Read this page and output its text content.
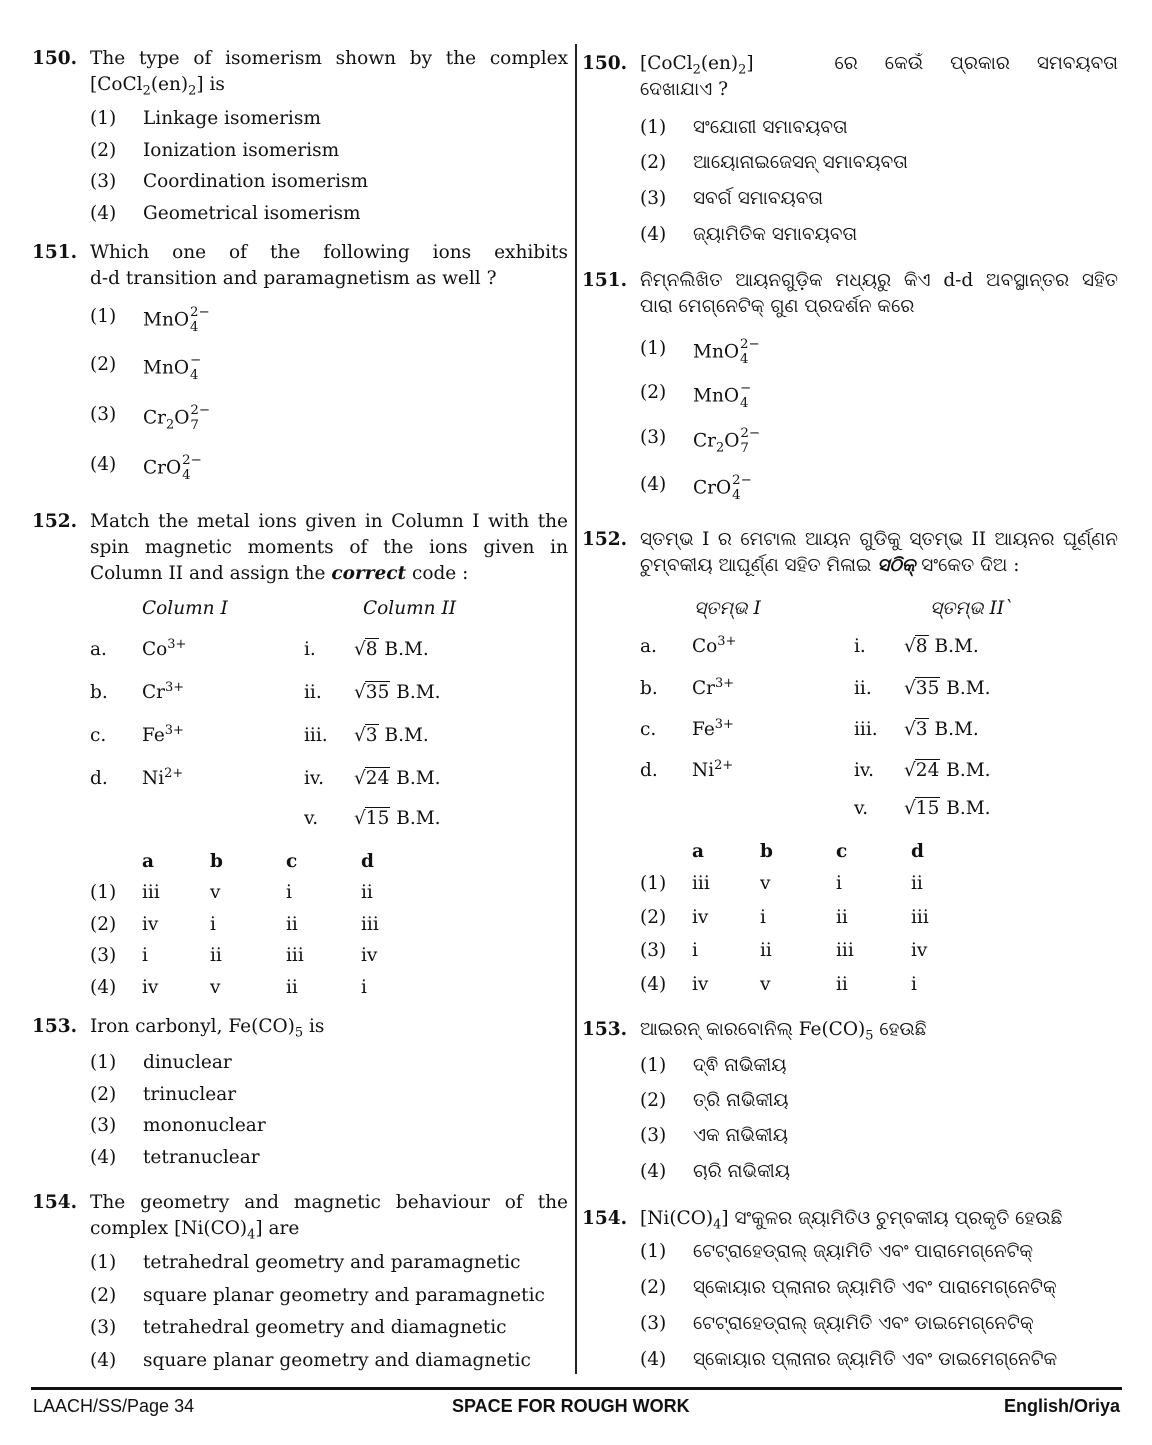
150. The type of isomerism shown by the complex
$[CoCl_2(en)_2]$ is
(1)	Linkage isomerism
(2)	Ionization isomerism
(3)	Coordination isomerism
(4)	Geometrical isomerism
151. Which one of the following ions exhibits
d-d transition and paramagnetism as well ?
(1)	MnO 2−
4
(2)	MnO −
4
(3)	$Cr_2O$ 2−
7
(4)	CrO 2−
4
152. Match the metal ions given in Column I with the
spin magnetic moments of the ions given in
Column II and assign the correct code :
Column I	Column II
a. $Co^{3+}$	i. √8 B.M.
b. $Cr^{3+}$	ii. √35 B.M.
c. $Fe^{3+}$	iii. √3 B.M.
d. $Ni^{2+}$	iv. √24 B.M.
v. √15 B.M.
a	b	c	d
(1) iii	v	i	ii
(2) iv	i	ii	iii
(3) i	ii	iii	iv
(4) iv	v	ii	i
153. Iron carbonyl, $Fe(CO)_5$ is
(1)	dinuclear
(2)	trinuclear
(3)	mononuclear
(4)	tetranuclear
154. The geometry and magnetic behaviour of the
complex $[Ni(CO)_4]$ are
(1)	tetrahedral geometry and paramagnetic
(2)	square planar geometry and paramagnetic
(3)	tetrahedral geometry and diamagnetic
(4)	square planar geometry and diamagnetic
150. $[CoCl_2(en)_2]$   ରେ କେଉଁ ପ୍ରକାର ସମବୟବତା
ଦେଖାଯାଏ ?
(1)	ସଂଯୋଗୀ ସମାବୟବତା
(2)	ଆୟୋନାଇଜେସନ୍ ସମାବୟବତା
(3)	ସବର୍ଗ ସମାବୟବତା
(4)	ଜ୍ୟାମିତିକ ସମାବୟବତା
151. ନିମ୍ନଲିଖିତ ଆୟନଗୁଡ଼ିକ ମଧ୍ୟରୁ କିଏ d-d ଅବସ୍ଥାନ୍ତର ସହିତ
ପାରା ମେଗ୍ନେଟିକ୍ ଗୁଣ ପ୍ରଦର୍ଶନ କରେ
(1)	MnO 2−
4
(2)	MnO −
4
(3)	$Cr_2O$ 2−
7
(4)	CrO 2−
4
152. ସ୍ତମ୍ଭ I ର ମେଟାଲ ଆୟନ ଗୁଡିକୁ ସ୍ତମ୍ଭ II ଆୟନର ଘୂର୍ଣ୍ଣନ
ଚୁମ୍ବକୀୟ ଆଘୂର୍ଣ୍ଣ ସହିତ ମିଳାଇ ସଠିକ୍ ସଂକେତ ଦିଅ :
ସ୍ତମ୍ଭ I	ସ୍ତମ୍ଭ II`
a. $Co^{3+}$	i. √8 B.M.
b. $Cr^{3+}$	ii. √35 B.M.
c. $Fe^{3+}$	iii. √3 B.M.
d. $Ni^{2+}$	iv. √24 B.M.
v. √15 B.M.
a	b	c	d
(1) iii	v	i	ii
(2) iv	i	ii	iii
(3) i	ii	iii	iv
(4) iv	v	ii	i
153. ଆଇରନ୍ କାରବୋନିଲ୍ $Fe(CO)_5$ ହେଉଛି
(1)	ଦ୍ଵି ନାଭିକୀୟ
(2)	ତ୍ରି ନାଭିକୀୟ
(3)	ଏକ ନାଭିକୀୟ
(4)	ଚାରି ନାଭିକୀୟ
154. $[Ni(CO)_4]$ ସଂକୁଳର ଜ୍ୟାମିତିଓ ଚୁମ୍ବକୀୟ ପ୍ରକୃତି ହେଉଛି
(1)	ଟେଟ୍ରାହେଡ୍ରାଲ୍ ଜ୍ୟାମିତି ଏବଂ ପାରାମେଗ୍ନେଟିକ୍
(2)	ସ୍କୋୟାର ପ୍ଲାନାର ଜ୍ୟାମିତି ଏବଂ ପାରାମେଗ୍ନେଟିକ୍
(3)	ଟେଟ୍ରାହେଡ୍ରାଲ୍ ଜ୍ୟାମିତି ଏବଂ ଡାଇମେଗ୍ନେଟିକ୍
(4)	ସ୍କୋୟାର ପ୍ଲାନାର ଜ୍ୟାମିତି ଏବଂ ଡାଇମେଗ୍ନେଟିକ
LAACH/SS/Page 34	SPACE FOR ROUGH WORK	English/Oriya
